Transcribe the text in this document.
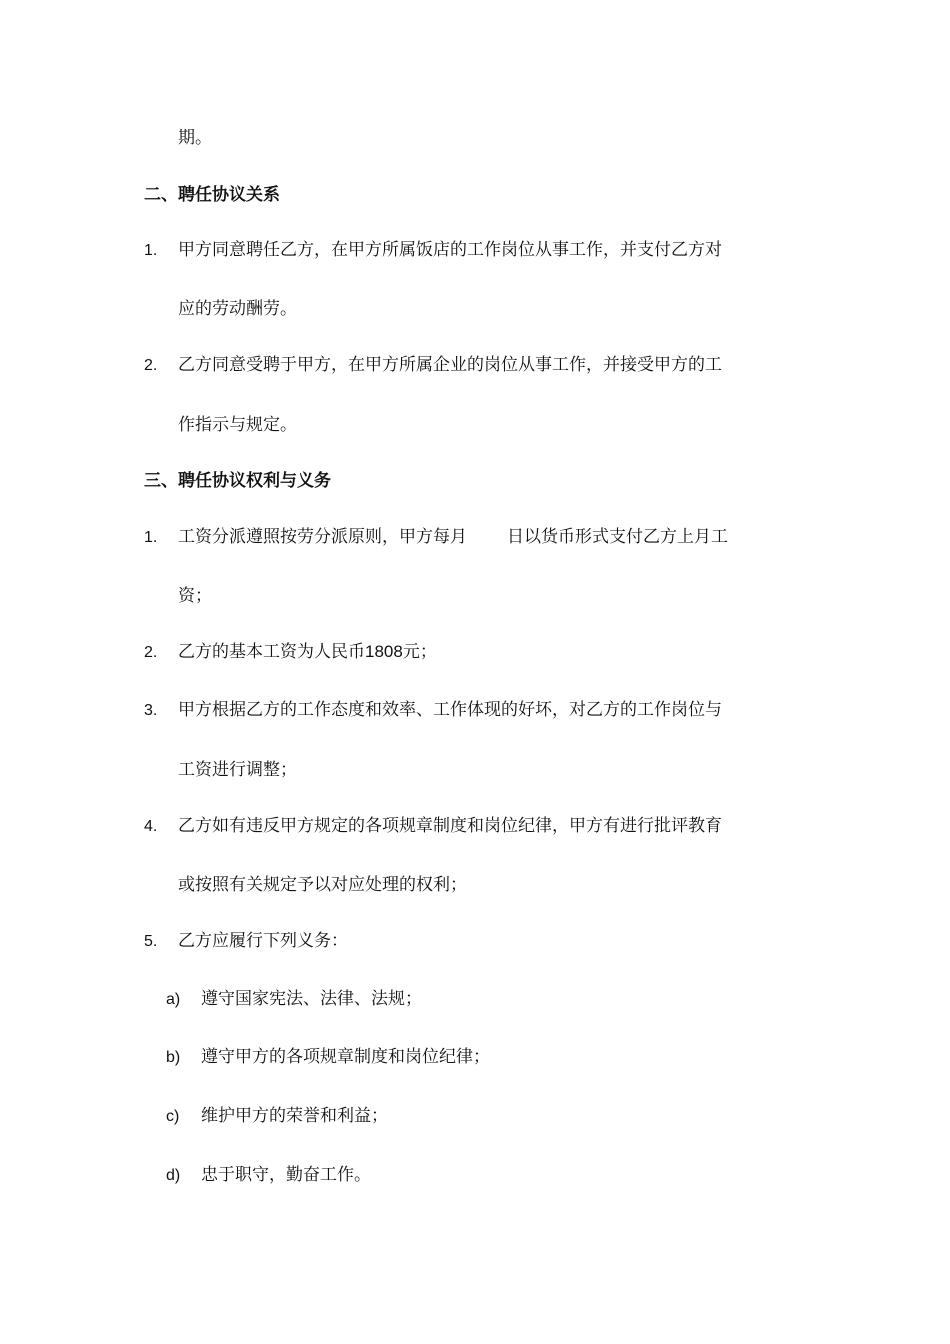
期。
二、聘任协议关系
1. 甲方同意聘任乙方，在甲方所属饭店的工作岗位从事工作，并支付乙方对
应的劳动酬劳。
2. 乙方同意受聘于甲方，在甲方所属企业的岗位从事工作，并接受甲方的工
作指示与规定。
三、聘任协议权利与义务
1. 工资分派遵照按劳分派原则，甲方每月 日以货币形式支付乙方上月工
资；
2. 乙方的基本工资为人民币1808元；
3. 甲方根据乙方的工作态度和效率、工作体现的好坏，对乙方的工作岗位与
工资进行调整；
4. 乙方如有违反甲方规定的各项规章制度和岗位纪律，甲方有进行批评教育
或按照有关规定予以对应处理的权利；
5. 乙方应履行下列义务：
a) 遵守国家宪法、法律、法规；
b) 遵守甲方的各项规章制度和岗位纪律；
c) 维护甲方的荣誉和利益；
d) 忠于职守，勤奋工作。
